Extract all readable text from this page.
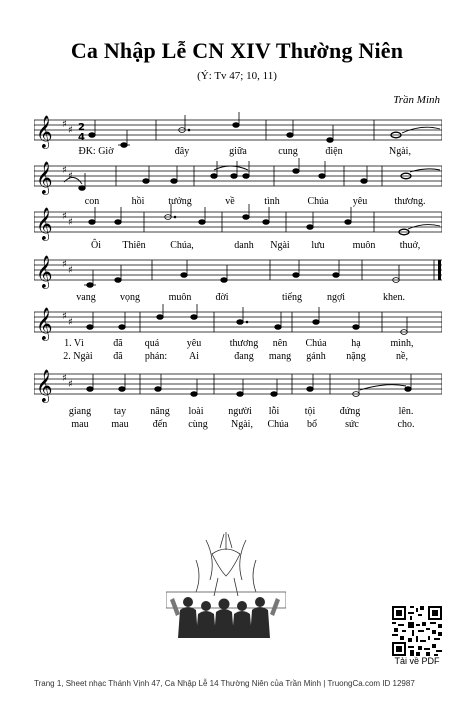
Ca Nhập Lễ CN XIV Thường Niên
(Ý: Tv 47; 10, 11)
Trần Minh
𝄞 ♯
♯ 2
4
ĐK: Giờ	đây	giữa	cung	điện	Ngài,
𝄞 ♯
♯
con	hồi tưởng	về	tình	Chúa yêu	thương.
𝄞 ♯
♯
Ôi Thiên Chúa,	danh Ngài lưu	muôn thuở,
𝄞 ♯
♯
vang vọng	muôn đời	tiếng ngợi	khen.
𝄞 ♯
♯
1. Vì	đã quá	yêu	thương nên Chúa hạ	mình,
2. Ngài đã phán: Ai	đang mang gánh nặng	nề,
𝄞 ♯
♯
giang tay nâng loài người lỗi	tội đứng	lên.
mau mau đến cùng Ngài, Chúa bổ	sức	cho.
Tải về PDF
Trang 1, Sheet nhạc Thánh Vịnh 47, Ca Nhập Lễ 14 Thường Niên của Trần Minh | TruongCa.com ID 12987
